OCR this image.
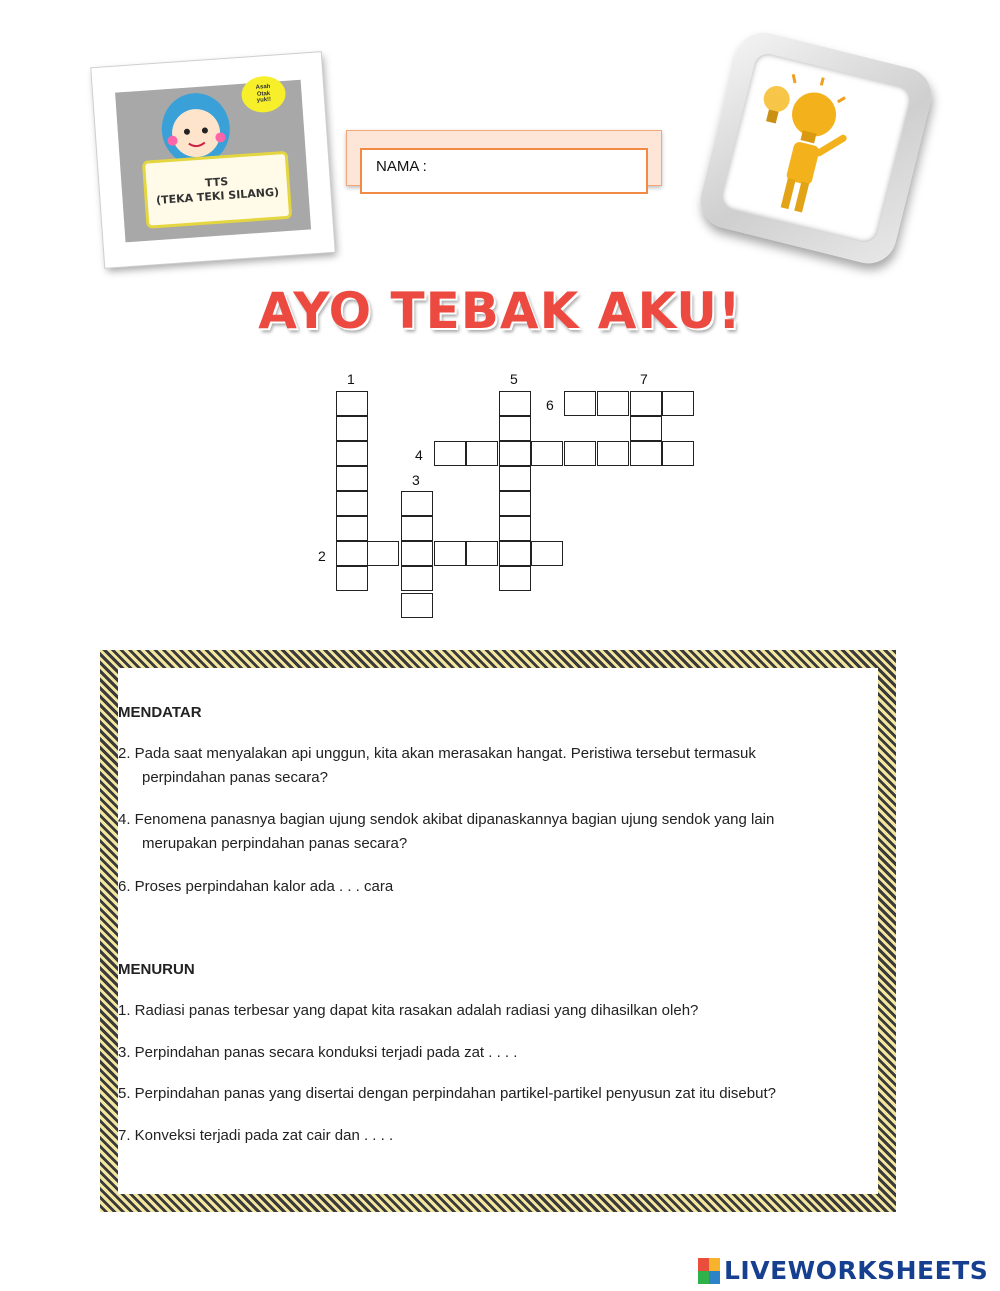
Asah
Otak
yuk!!
TTS
(TEKA TEKI SILANG)
NAMA :
AYO TEBAK AKU!
1
2
3
4
5
6
7
MENDATAR
2. Pada saat menyalakan api unggun, kita akan merasakan hangat. Peristiwa tersebut termasuk
perpindahan panas secara?
4. Fenomena panasnya bagian ujung sendok akibat dipanaskannya bagian ujung sendok yang lain
merupakan perpindahan panas secara?
6. Proses perpindahan kalor ada . . . cara
MENURUN
1. Radiasi panas terbesar yang dapat kita rasakan adalah radiasi yang dihasilkan oleh?
3. Perpindahan panas secara konduksi terjadi pada zat . . . .
5. Perpindahan panas yang disertai dengan perpindahan partikel-partikel penyusun zat itu disebut?
7. Konveksi terjadi pada zat cair dan . . . .
LIVEWORKSHEETS
